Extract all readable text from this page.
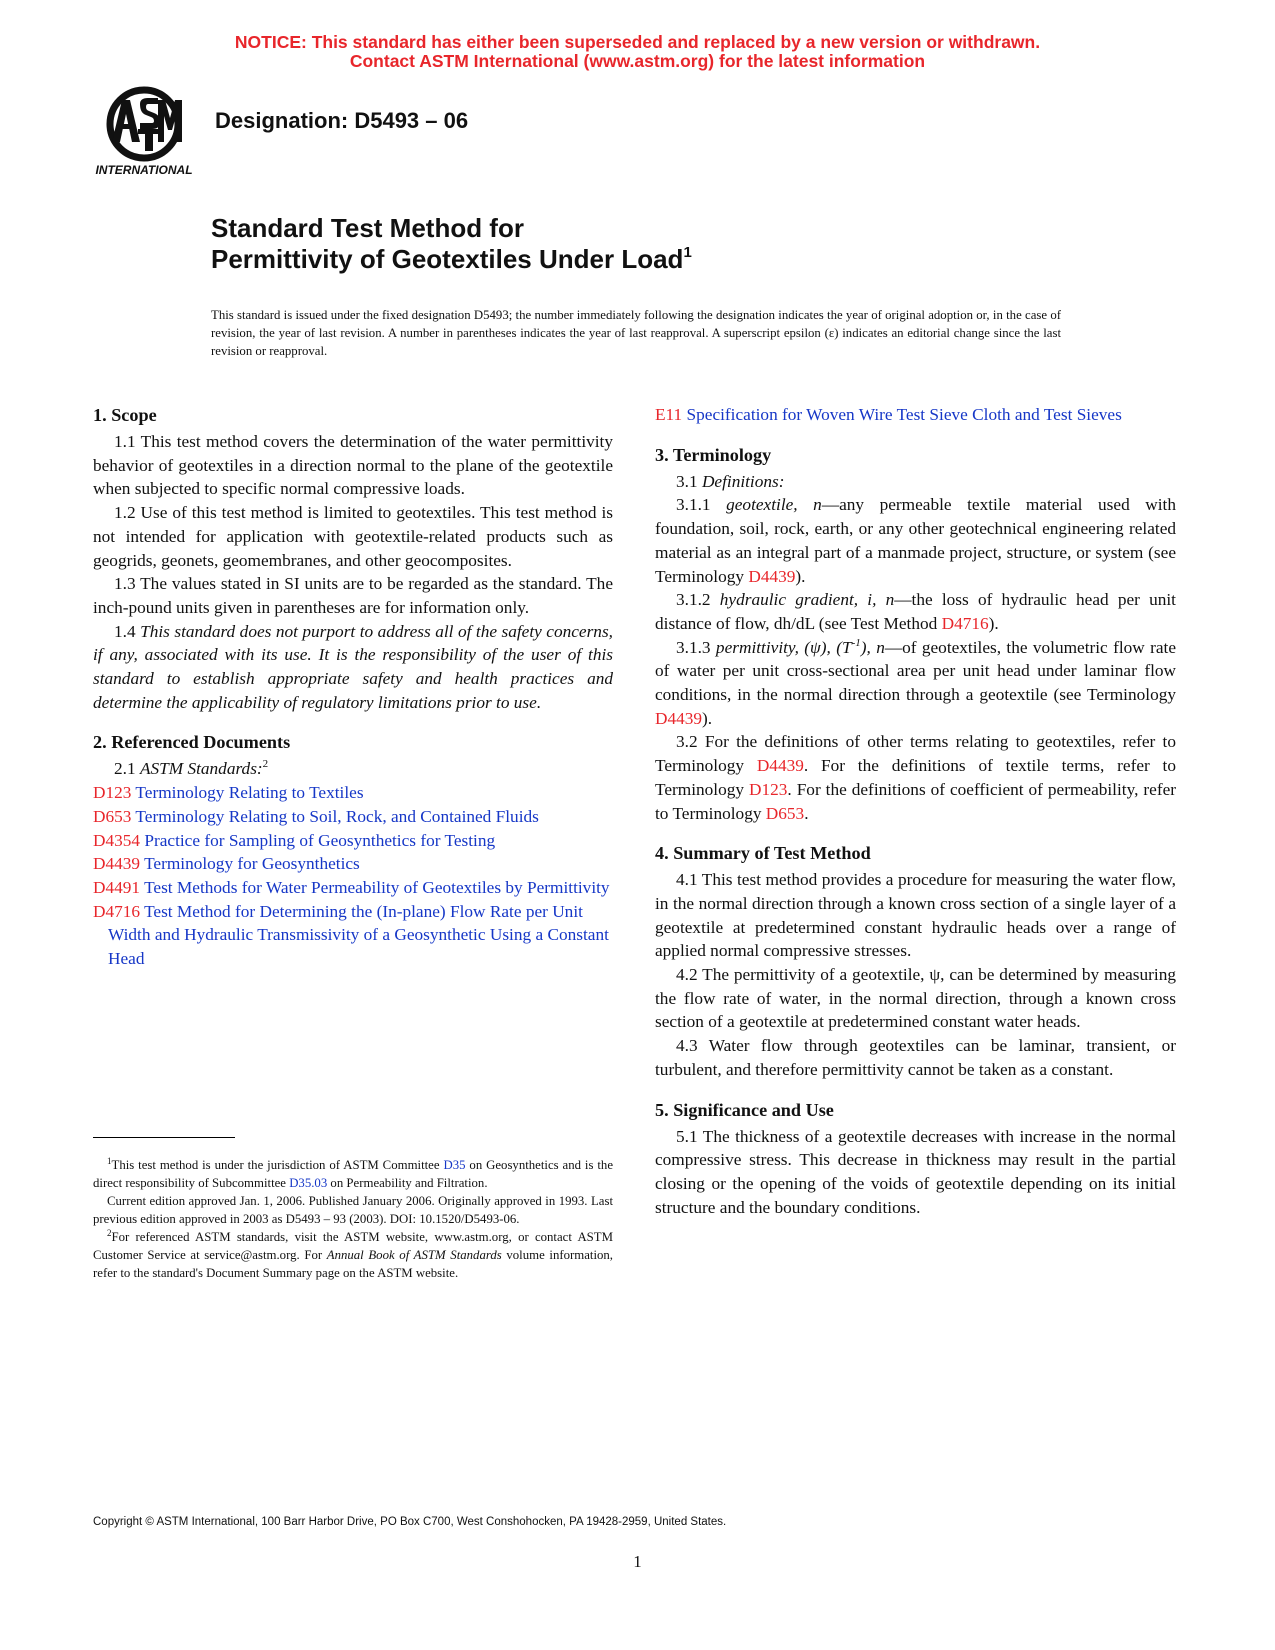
NOTICE: This standard has either been superseded and replaced by a new version or withdrawn.
Contact ASTM International (www.astm.org) for the latest information
INTERNATIONAL
Designation: D5493 – 06
Standard Test Method for
Permittivity of Geotextiles Under Load$^1$
This standard is issued under the fixed designation D5493; the number immediately following the designation indicates the year of original adoption or, in the case of revision, the year of last revision. A number in parentheses indicates the year of last reapproval. A superscript epsilon (ε) indicates an editorial change since the last revision or reapproval.
1. Scope

1.1 This test method covers the determination of the water permittivity behavior of geotextiles in a direction normal to the plane of the geotextile when subjected to specific normal compressive loads.

1.2 Use of this test method is limited to geotextiles. This test method is not intended for application with geotextile-related products such as geogrids, geonets, geomembranes, and other geocomposites.

1.3 The values stated in SI units are to be regarded as the standard. The inch-pound units given in parentheses are for information only.

1.4 This standard does not purport to address all of the safety concerns, if any, associated with its use. It is the responsibility of the user of this standard to establish appropriate safety and health practices and determine the applicability of regulatory limitations prior to use.

2. Referenced Documents

2.1 ASTM Standards:$^2$

D123 Terminology Relating to Textiles

D653 Terminology Relating to Soil, Rock, and Contained Fluids

D4354 Practice for Sampling of Geosynthetics for Testing

D4439 Terminology for Geosynthetics

D4491 Test Methods for Water Permeability of Geotextiles by Permittivity

D4716 Test Method for Determining the (In-plane) Flow Rate per Unit Width and Hydraulic Transmissivity of a Geosynthetic Using a Constant Head

$^1$This test method is under the jurisdiction of ASTM Committee D35 on Geosynthetics and is the direct responsibility of Subcommittee D35.03 on Permeability and Filtration.

Current edition approved Jan. 1, 2006. Published January 2006. Originally approved in 1993. Last previous edition approved in 2003 as D5493 – 93 (2003). DOI: 10.1520/D5493-06.

$^2$For referenced ASTM standards, visit the ASTM website, www.astm.org, or contact ASTM Customer Service at service@astm.org. For Annual Book of ASTM Standards volume information, refer to the standard's Document Summary page on the ASTM website.

E11 Specification for Woven Wire Test Sieve Cloth and Test Sieves

3. Terminology

3.1 Definitions:

3.1.1 geotextile, n—any permeable textile material used with foundation, soil, rock, earth, or any other geotechnical engineering related material as an integral part of a manmade project, structure, or system (see Terminology D4439).

3.1.2 hydraulic gradient, i, n—the loss of hydraulic head per unit distance of flow, dh/dL (see Test Method D4716).

3.1.3 permittivity, (ψ), $(T^{-1})$, n—of geotextiles, the volumetric flow rate of water per unit cross-sectional area per unit head under laminar flow conditions, in the normal direction through a geotextile (see Terminology D4439).

3.2 For the definitions of other terms relating to geotextiles, refer to Terminology D4439. For the definitions of textile terms, refer to Terminology D123. For the definitions of coefficient of permeability, refer to Terminology D653.

4. Summary of Test Method

4.1 This test method provides a procedure for measuring the water flow, in the normal direction through a known cross section of a single layer of a geotextile at predetermined constant hydraulic heads over a range of applied normal compressive stresses.

4.2 The permittivity of a geotextile, ψ, can be determined by measuring the flow rate of water, in the normal direction, through a known cross section of a geotextile at predetermined constant water heads.

4.3 Water flow through geotextiles can be laminar, transient, or turbulent, and therefore permittivity cannot be taken as a constant.

5. Significance and Use

5.1 The thickness of a geotextile decreases with increase in the normal compressive stress. This decrease in thickness may result in the partial closing or the opening of the voids of geotextile depending on its initial structure and the boundary conditions.

Copyright © ASTM International, 100 Barr Harbor Drive, PO Box C700, West Conshohocken, PA 19428-2959, United States.
1
